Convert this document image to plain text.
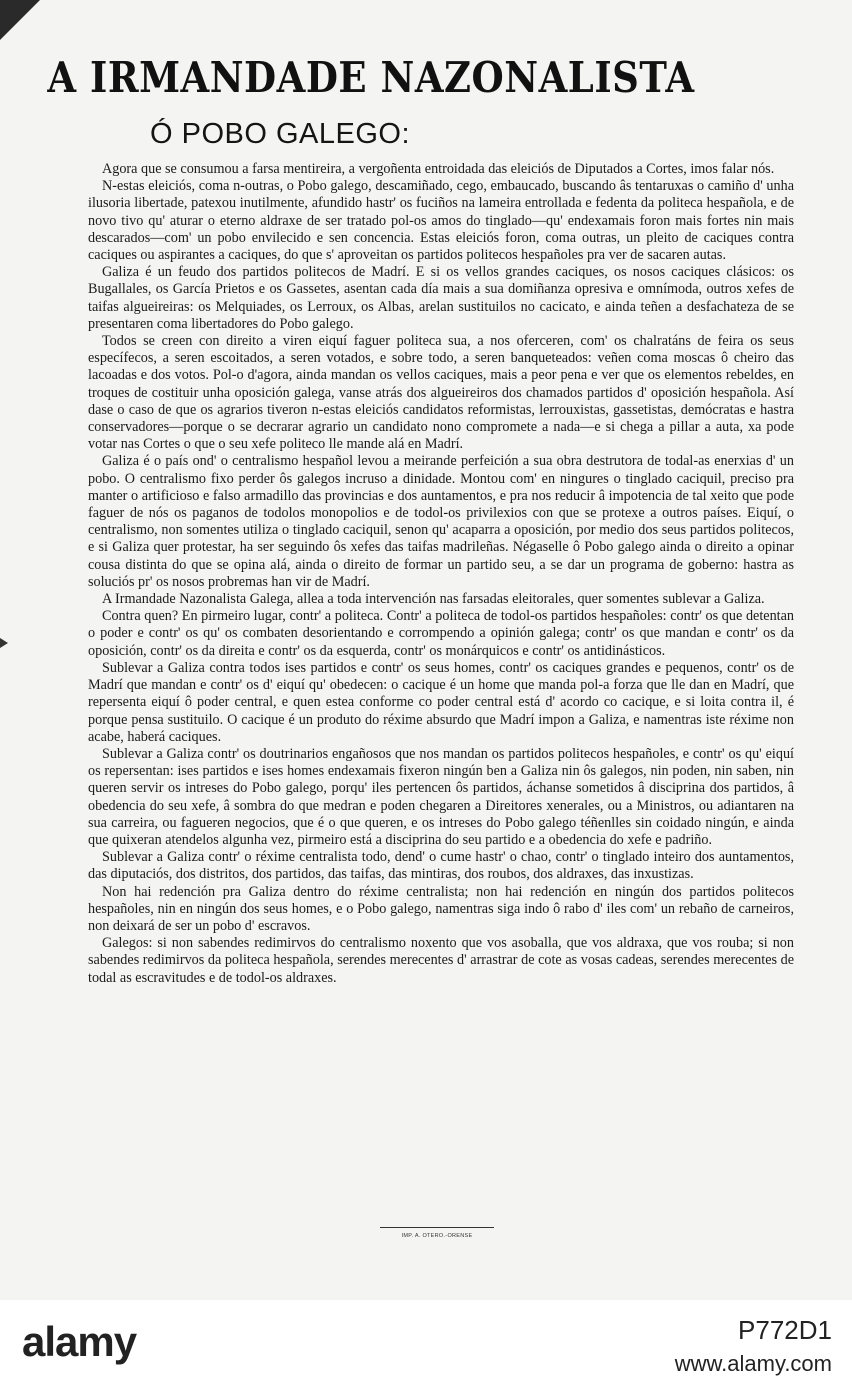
A IRMANDADE NAZONALISTA
Ó POBO GALEGO:

Agora que se consumou a farsa mentireira, a vergoñenta entroidada das eleiciós de Diputados a Cortes, imos falar nós.

N-estas eleiciós, coma n-outras, o Pobo galego, descamiñado, cego, embaucado, buscando âs tentaruxas o camiño d' unha ilusoria libertade, patexou inutilmente, afundido hastr' os fuciños na lameira entrollada e fedenta da politeca hespañola, e de novo tivo qu' aturar o eterno aldraxe de ser tratado pol-os amos do tinglado—qu' endexamais foron mais fortes nin mais descarados—com' un pobo envilecido e sen concencia. Estas eleiciós foron, coma outras, un pleito de caciques contra caciques ou aspirantes a caciques, do que s' aproveitan os partidos politecos hespañoles pra ver de sacaren autas.

Galiza é un feudo dos partidos politecos de Madrí. E si os vellos grandes caciques, os nosos caciques clásicos: os Bugallales, os García Prietos e os Gassetes, asentan cada día mais a sua domiñanza opresiva e omnímoda, outros xefes de taifas algueireiras: os Melquiades, os Lerroux, os Albas, arelan sustituilos no cacicato, e ainda teñen a desfachateza de se presentaren coma libertadores do Pobo galego.

Todos se creen con direito a viren eiquí faguer politeca sua, a nos oferceren, com' os chalratáns de feira os seus específecos, a seren escoitados, a seren votados, e sobre todo, a seren banqueteados: veñen coma moscas ô cheiro das lacoadas e dos votos. Pol-o d'agora, ainda mandan os vellos caciques, mais a peor pena e ver que os elementos rebeldes, en troques de costituir unha oposición galega, vanse atrás dos algueireiros dos chamados partidos d' oposición hespañola. Así dase o caso de que os agrarios tiveron n-estas eleiciós candidatos reformistas, lerrouxistas, gassetistas, demócratas e hastra conservadores—porque o se decrarar agrario un candidato nono compromete a nada—e si chega a pillar a auta, xa pode votar nas Cortes o que o seu xefe politeco lle mande alá en Madrí.

Galiza é o país ond' o centralismo hespañol levou a meirande perfeición a sua obra destrutora de todal-as enerxias d' un pobo. O centralismo fixo perder ôs galegos incruso a dinidade. Montou com' en ningures o tinglado caciquil, preciso pra manter o artificioso e falso armadillo das provincias e dos auntamentos, e pra nos reducir â impotencia de tal xeito que pode faguer de nós os paganos de todolos monopolios e de todol-os privilexios con que se protexe a outros países. Eiquí, o centralismo, non somentes utiliza o tinglado caciquil, senon qu' acaparra a oposición, por medio dos seus partidos politecos, e si Galiza quer protestar, ha ser seguindo ôs xefes das taifas madrileñas. Négaselle ô Pobo galego ainda o direito a opinar cousa distinta do que se opina alá, ainda o direito de formar un partido seu, a se dar un programa de goberno: hastra as soluciós pr' os nosos probremas han vir de Madrí.

A Irmandade Nazonalista Galega, allea a toda intervención nas farsadas eleitorales, quer somentes sublevar a Galiza.

Contra quen? En pirmeiro lugar, contr' a politeca. Contr' a politeca de todol-os partidos hespañoles: contr' os que detentan o poder e contr' os qu' os combaten desorientando e corrompendo a opinión galega; contr' os que mandan e contr' os da oposición, contr' os da direita e contr' os da esquerda, contr' os monárquicos e contr' os antidinásticos.

Sublevar a Galiza contra todos ises partidos e contr' os seus homes, contr' os caciques grandes e pequenos, contr' os de Madrí que mandan e contr' os d' eiquí qu' obedecen: o cacique é un home que manda pol-a forza que lle dan en Madrí, que repersenta eiquí ô poder central, e quen estea conforme co poder central está d' acordo co cacique, e si loita contra il, é porque pensa sustituilo. O cacique é un produto do réxime absurdo que Madrí impon a Galiza, e namentras iste réxime non acabe, haberá caciques.

Sublevar a Galiza contr' os doutrinarios engañosos que nos mandan os partidos politecos hespañoles, e contr' os qu' eiquí os repersentan: ises partidos e ises homes endexamais fixeron ningún ben a Galiza nin ôs galegos, nin poden, nin saben, nin queren servir os intreses do Pobo galego, porqu' iles pertencen ôs partidos, áchanse sometidos â disciprina dos partidos, â obedencia do seu xefe, â sombra do que medran e poden chegaren a Direitores xenerales, ou a Ministros, ou adiantaren na sua carreira, ou fagueren negocios, que é o que queren, e os intreses do Pobo galego téñenlles sin coidado ningún, e ainda que quixeran atendelos algunha vez, pirmeiro está a disciprina do seu partido e a obedencia do xefe e padriño.

Sublevar a Galiza contr' o réxime centralista todo, dend' o cume hastr' o chao, contr' o tinglado inteiro dos auntamentos, das diputaciós, dos distritos, dos partidos, das taifas, das mintiras, dos roubos, dos aldraxes, das inxustizas.

Non hai redención pra Galiza dentro do réxime centralista; non hai redención en ningún dos partidos politecos hespañoles, nin en ningún dos seus homes, e o Pobo galego, namentras siga indo ô rabo d' iles com' un rebaño de carneiros, non deixará de ser un pobo d' escravos.

Galegos: si non sabendes redimirvos do centralismo noxento que vos asoballa, que vos aldraxa, que vos rouba; si non sabendes redimirvos da politeca hespañola, serendes merecentes d' arrastrar de cote as vosas cadeas, serendes merecentes de todal as escravitudes e de todol-os aldraxes.

IMP. A. OTERO.-ORENSE
alamy	P772D1
www.alamy.com
